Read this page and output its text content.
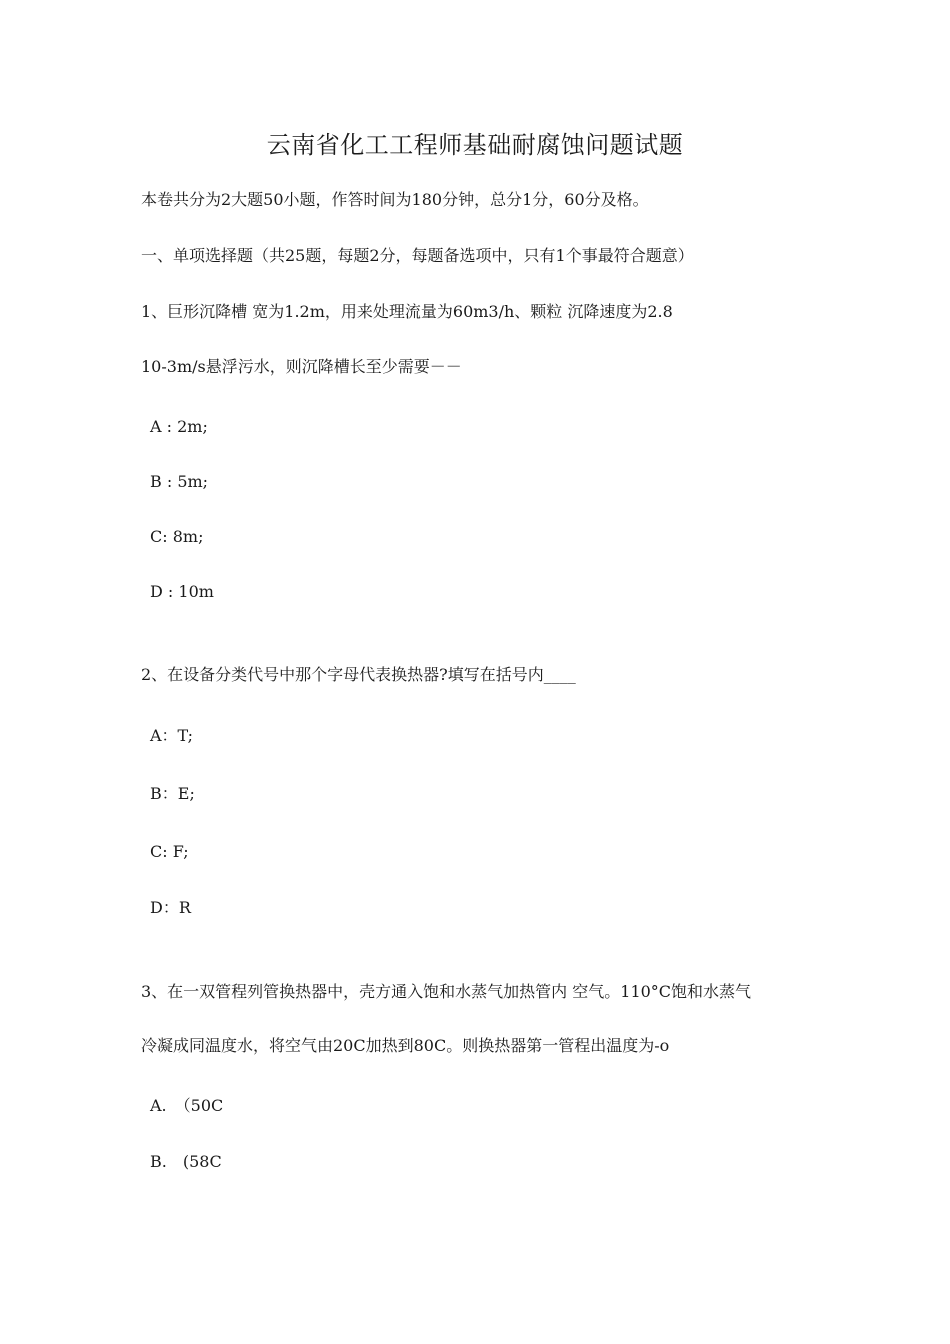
云南省化工工程师基础耐腐蚀问题试题
本卷共分为2大题50小题，作答时间为180分钟，总分1分，60分及格。
一、单项选择题（共25题，每题2分，每题备选项中，只有1个事最符合题意）
1、巨形沉降槽 宽为1.2m，用来处理流量为60m3/h、颗粒 沉降速度为2.8
10-3m/s悬浮污水，则沉降槽长至少需要－－
A : 2m;
B : 5m;
C: 8m;
D : 10m
2、在设备分类代号中那个字母代表换热器?填写在括号内____
A：T;
B：E;
C: F;
D：R
3、在一双管程列管换热器中，壳方通入饱和水蒸气加热管内 空气。110°C饱和水蒸气
冷凝成同温度水，将空气由20C加热到80C。则换热器第一管程出温度为-o
A.　（50C
B.　(58C
